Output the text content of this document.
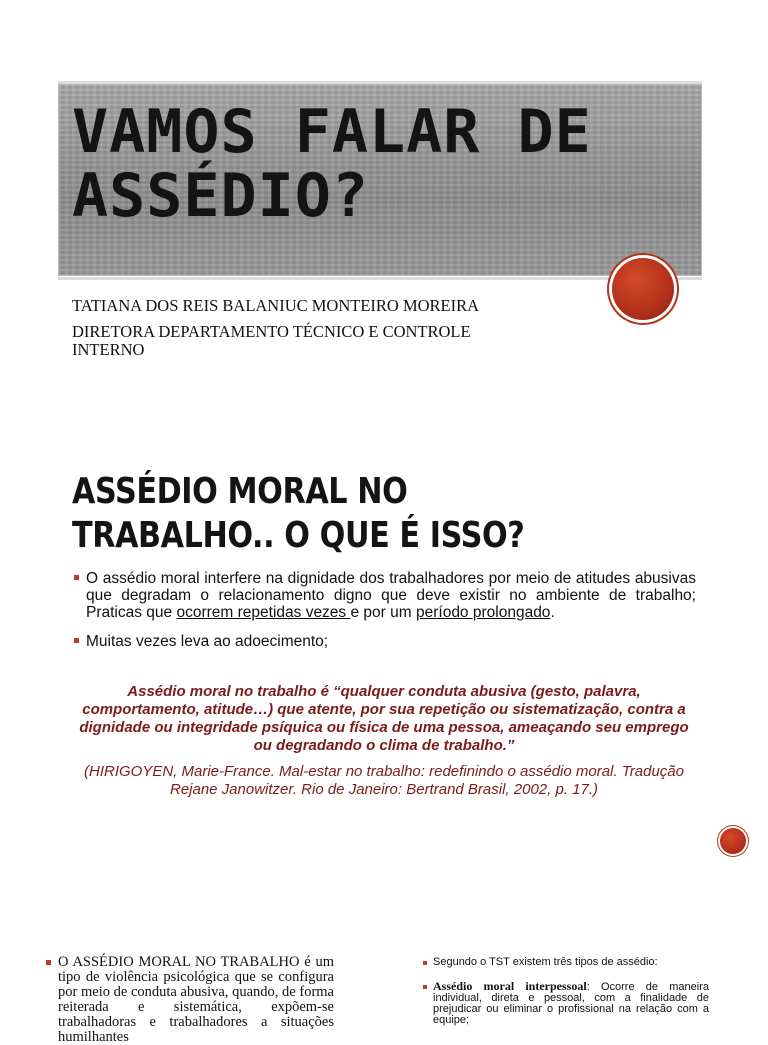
VAMOS FALAR DE
ASSÉDIO?

TATIANA DOS REIS BALANIUC MONTEIRO MOREIRA

DIRETORA DEPARTAMENTO TÉCNICO E CONTROLE INTERNO

ASSÉDIO MORAL NO TRABALHO.. O QUE É ISSO?
O assédio moral interfere na dignidade dos trabalhadores por meio de atitudes abusivas que degradam o relacionamento digno que deve existir no ambiente de trabalho; Praticas que ocorrem repetidas vezes e por um período prolongado.
Muitas vezes leva ao adoecimento;

Assédio moral no trabalho é “qualquer conduta abusiva (gesto, palavra, comportamento, atitude…) que atente, por sua repetição ou sistematização, contra a dignidade ou integridade psíquica ou física de uma pessoa, ameaçando seu emprego ou degradando o clima de trabalho.”

(HIRIGOYEN, Marie-France. Mal-estar no trabalho: redefinindo o assédio moral. Tradução Rejane Janowitzer. Rio de Janeiro: Bertrand Brasil, 2002, p. 17.)

O ASSÉDIO MORAL NO TRABALHO é um tipo de violência psicológica que se configura por meio de conduta abusiva, quando, de forma reiterada e sistemática, expõem-se trabalhadoras e trabalhadores a situações humilhantes
Segundo o TST existem três tipos de assédio:
Assédio moral interpessoal: Ocorre de maneira individual, direta e pessoal, com a finalidade de prejudicar ou eliminar o profissional na relação com a equipe;
